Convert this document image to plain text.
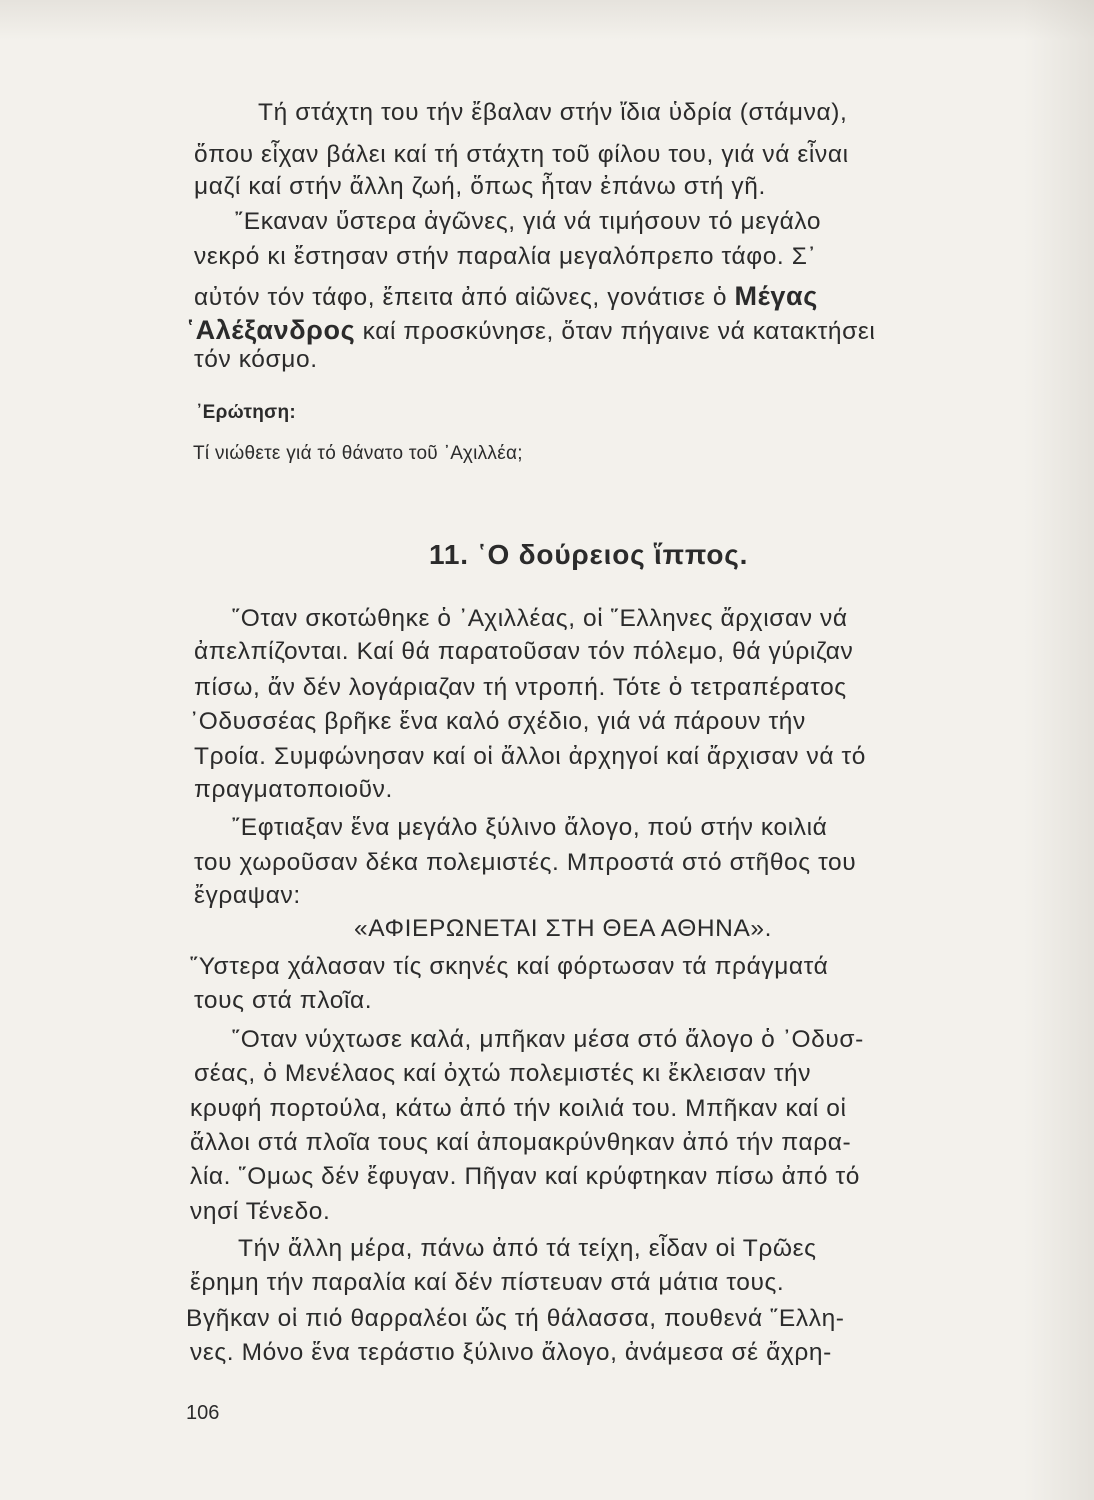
Τή στάχτη του τήν ἔβαλαν στήν ἴδια ὑδρία (στάμνα),
ὅπου εἶχαν βάλει καί τή στάχτη τοῦ φίλου του, γιά νά εἶναι
μαζί καί στήν ἄλλη ζωή, ὅπως ἦταν ἐπάνω στή γῆ.
῎Εκαναν ὕστερα ἀγῶνες, γιά νά τιμήσουν τό μεγάλο
νεκρό κι ἔστησαν στήν παραλία μεγαλόπρεπο τάφο. Σ᾽
αὐτόν τόν τάφο, ἔπειτα ἀπό αἰῶνες, γονάτισε ὁ Μέγας
῾Αλέξανδρος καί προσκύνησε, ὅταν πήγαινε νά κατακτήσει
τόν κόσμο.
᾽Ερώτηση:
Τί νιώθετε γιά τό θάνατο τοῦ ᾽Αχιλλέα;
11. ῾Ο δούρειος ἵππος.
῞Οταν σκοτώθηκε ὁ ᾽Αχιλλέας, οἱ ῞Ελληνες ἄρχισαν νά
ἀπελπίζονται. Καί θά παρατοῦσαν τόν πόλεμο, θά γύριζαν
πίσω, ἄν δέν λογάριαζαν τή ντροπή. Τότε ὁ τετραπέρατος
᾽Οδυσσέας βρῆκε ἕνα καλό σχέδιο, γιά νά πάρουν τήν
Τροία. Συμφώνησαν καί οἱ ἄλλοι ἀρχηγοί καί ἄρχισαν νά τό
πραγματοποιοῦν.
῎Εφτιαξαν ἕνα μεγάλο ξύλινο ἄλογο, πού στήν κοιλιά
του χωροῦσαν δέκα πολεμιστές. Μπροστά στό στῆθος του
ἔγραψαν:
«ΑΦΙΕΡΩΝΕΤΑΙ ΣΤΗ ΘΕΑ ΑΘΗΝΑ».
῞Υστερα χάλασαν τίς σκηνές καί φόρτωσαν τά πράγματά
τους στά πλοῖα.
῞Οταν νύχτωσε καλά, μπῆκαν μέσα στό ἄλογο ὁ ᾽Οδυσ-
σέας, ὁ Μενέλαος καί ὀχτώ πολεμιστές κι ἔκλεισαν τήν
κρυφή πορτούλα, κάτω ἀπό τήν κοιλιά του. Μπῆκαν καί οἱ
ἄλλοι στά πλοῖα τους καί ἀπομακρύνθηκαν ἀπό τήν παρα-
λία. ῞Ομως δέν ἔφυγαν. Πῆγαν καί κρύφτηκαν πίσω ἀπό τό
νησί Τένεδο.
Τήν ἄλλη μέρα, πάνω ἀπό τά τείχη, εἶδαν οἱ Τρῶες
ἔρημη τήν παραλία καί δέν πίστευαν στά μάτια τους.
Βγῆκαν οἱ πιό θαρραλέοι ὥς τή θάλασσα, πουθενά ῞Ελλη-
νες. Μόνο ἕνα τεράστιο ξύλινο ἄλογο, ἀνάμεσα σέ ἄχρη-
106
